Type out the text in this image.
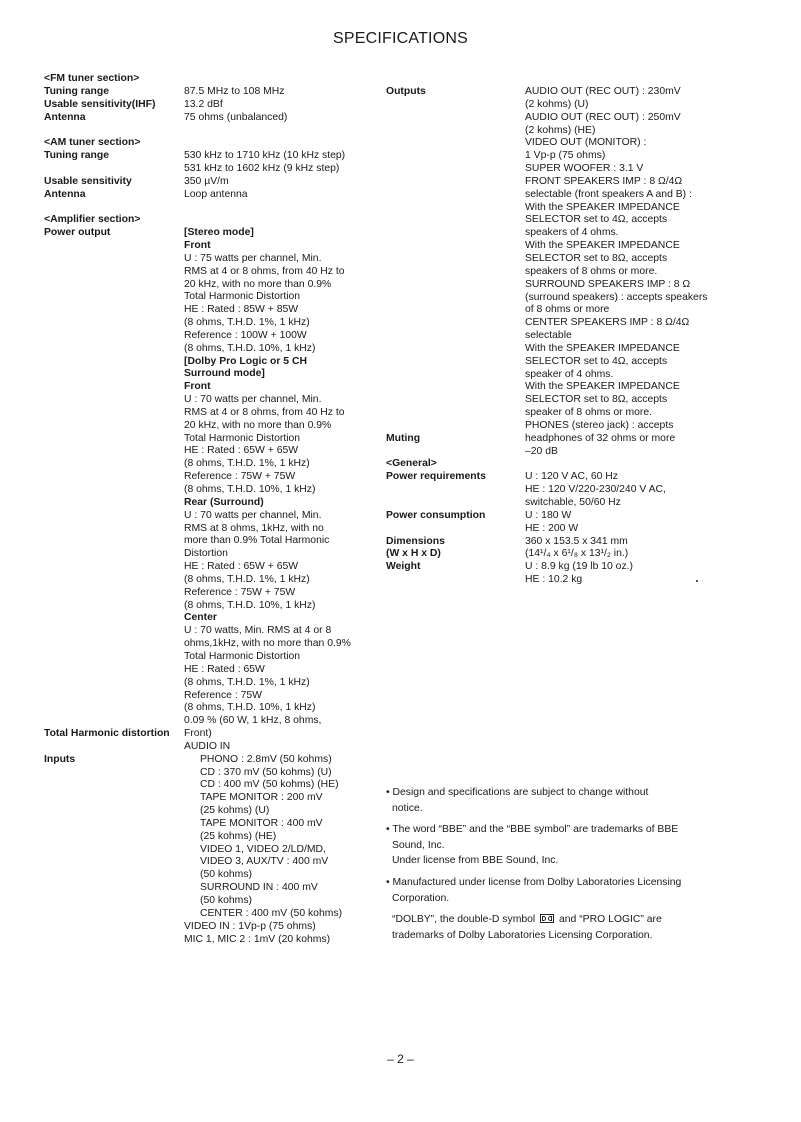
SPECIFICATIONS
<FM tuner section>
Tuning range
Usable sensitivity(IHF)
Antenna
<AM tuner section>
Tuning range
Usable sensitivity
Antenna
<Amplifier section>
Power output
Total Harmonic distortion
Inputs
87.5 MHz to 108 MHz
13.2 dBf
75 ohms (unbalanced)
530 kHz to 1710 kHz (10 kHz step)
531 kHz to 1602 kHz (9 kHz step)
350 µV/m
Loop antenna
[Stereo mode]
Front
U : 75 watts per channel, Min.
RMS at 4 or 8 ohms, from 40 Hz to
20 kHz, with no more than 0.9%
Total Harmonic Distortion
HE : Rated : 85W + 85W
(8 ohms, T.H.D. 1%, 1 kHz)
Reference : 100W + 100W
(8 ohms, T.H.D. 10%, 1 kHz)
[Dolby Pro Logic or 5 CH
Surround mode]
Front
U : 70 watts per channel, Min.
RMS at 4 or 8 ohms, from 40 Hz to
20 kHz, with no more than 0.9%
Total Harmonic Distortion
HE : Rated : 65W + 65W
(8 ohms, T.H.D. 1%, 1 kHz)
Reference : 75W + 75W
(8 ohms, T.H.D. 10%, 1 kHz)
Rear (Surround)
U : 70 watts per channel, Min.
RMS at 8 ohms, 1kHz, with no
more than 0.9% Total Harmonic
Distortion
HE : Rated : 65W + 65W
(8 ohms, T.H.D. 1%, 1 kHz)
Reference : 75W + 75W
(8 ohms, T.H.D. 10%, 1 kHz)
Center
U : 70 watts, Min. RMS at 4 or 8
ohms,1kHz, with no more than 0.9%
Total Harmonic Distortion
HE : Rated : 65W
(8 ohms, T.H.D. 1%, 1 kHz)
Reference : 75W
(8 ohms, T.H.D. 10%, 1 kHz)
0.09 % (60 W, 1 kHz, 8 ohms,
Front)
AUDIO IN
PHONO : 2.8mV (50 kohms)
CD : 370 mV (50 kohms) (U)
CD : 400 mV (50 kohms) (HE)
TAPE MONITOR : 200 mV
(25 kohms) (U)
TAPE MONITOR : 400 mV
(25 kohms) (HE)
VIDEO 1, VIDEO 2/LD/MD,
VIDEO 3, AUX/TV : 400 mV
(50 kohms)
SURROUND IN : 400 mV
(50 kohms)
CENTER : 400 mV (50 kohms)
VIDEO IN : 1Vp-p (75 ohms)
MIC 1, MIC 2 : 1mV (20 kohms)
Outputs
Muting
<General>
Power requirements
Power consumption
Dimensions
(W x H x D)
Weight
AUDIO OUT (REC OUT) : 230mV
(2 kohms) (U)
AUDIO OUT (REC OUT) : 250mV
(2 kohms) (HE)
VIDEO OUT (MONITOR) :
1 Vp-p (75 ohms)
SUPER WOOFER : 3.1 V
FRONT SPEAKERS IMP : 8 Ω/4Ω
selectable (front speakers A and B) :
With the SPEAKER IMPEDANCE
SELECTOR set to 4Ω, accepts
speakers of 4 ohms.
With the SPEAKER IMPEDANCE
SELECTOR set to 8Ω, accepts
speakers of 8 ohms or more.
SURROUND SPEAKERS IMP : 8 Ω
(surround speakers) : accepts speakers
of 8 ohms or more
CENTER SPEAKERS IMP : 8 Ω/4Ω
selectable
With the SPEAKER IMPEDANCE
SELECTOR set to 4Ω, accepts
speaker of 4 ohms.
With the SPEAKER IMPEDANCE
SELECTOR set to 8Ω, accepts
speaker of 8 ohms or more.
PHONES (stereo jack) : accepts
headphones of 32 ohms or more
–20 dB
U : 120 V AC, 60 Hz
HE : 120 V/220-230/240 V AC,
switchable, 50/60 Hz
U : 180 W
HE : 200 W
360 x 153.5 x 341 mm
(14¹/₄ x 6¹/₈ x 13¹/₂ in.)
U : 8.9 kg (19 lb 10 oz.)
HE : 10.2 kg
• Design and specifications are subject to change without
notice.
• The word “BBE” and the “BBE symbol” are trademarks of BBE
Sound, Inc.
Under license from BBE Sound, Inc.
• Manufactured under license from Dolby Laboratories Licensing
Corporation.
“DOLBY”, the double-D symbol and “PRO LOGIC” are
trademarks of Dolby Laboratories Licensing Corporation.
– 2 –
